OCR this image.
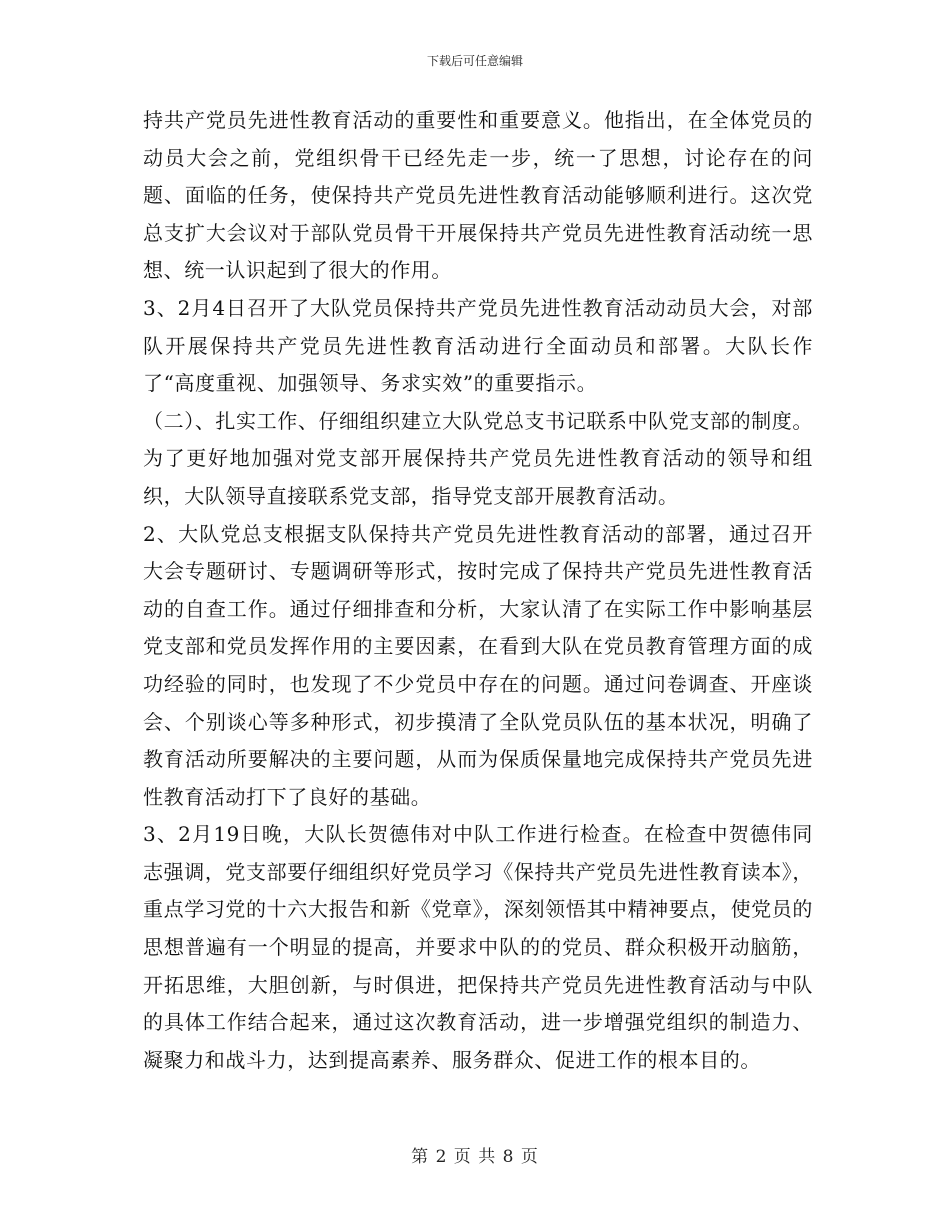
下载后可任意编辑

持共产党员先进性教育活动的重要性和重要意义。他指出，在全体党员的动员大会之前，党组织骨干已经先走一步，统一了思想，讨论存在的问题、面临的任务，使保持共产党员先进性教育活动能够顺利进行。这次党总支扩大会议对于部队党员骨干开展保持共产党员先进性教育活动统一思想、统一认识起到了很大的作用。

3、2月4日召开了大队党员保持共产党员先进性教育活动动员大会，对部队开展保持共产党员先进性教育活动进行全面动员和部署。大队长作了“高度重视、加强领导、务求实效”的重要指示。

（二）、扎实工作、仔细组织建立大队党总支书记联系中队党支部的制度。为了更好地加强对党支部开展保持共产党员先进性教育活动的领导和组织，大队领导直接联系党支部，指导党支部开展教育活动。

2、大队党总支根据支队保持共产党员先进性教育活动的部署，通过召开大会专题研讨、专题调研等形式，按时完成了保持共产党员先进性教育活动的自查工作。通过仔细排查和分析，大家认清了在实际工作中影响基层党支部和党员发挥作用的主要因素，在看到大队在党员教育管理方面的成功经验的同时，也发现了不少党员中存在的问题。通过问卷调查、开座谈会、个别谈心等多种形式，初步摸清了全队党员队伍的基本状况，明确了教育活动所要解决的主要问题，从而为保质保量地完成保持共产党员先进性教育活动打下了良好的基础。

3、2月19日晚，大队长贺德伟对中队工作进行检查。在检查中贺德伟同志强调，党支部要仔细组织好党员学习《保持共产党员先进性教育读本》，重点学习党的十六大报告和新《党章》，深刻领悟其中精神要点，使党员的思想普遍有一个明显的提高，并要求中队的的党员、群众积极开动脑筋，开拓思维，大胆创新，与时俱进，把保持共产党员先进性教育活动与中队的具体工作结合起来，通过这次教育活动，进一步增强党组织的制造力、凝聚力和战斗力，达到提高素养、服务群众、促进工作的根本目的。

第 2 页 共 8 页
